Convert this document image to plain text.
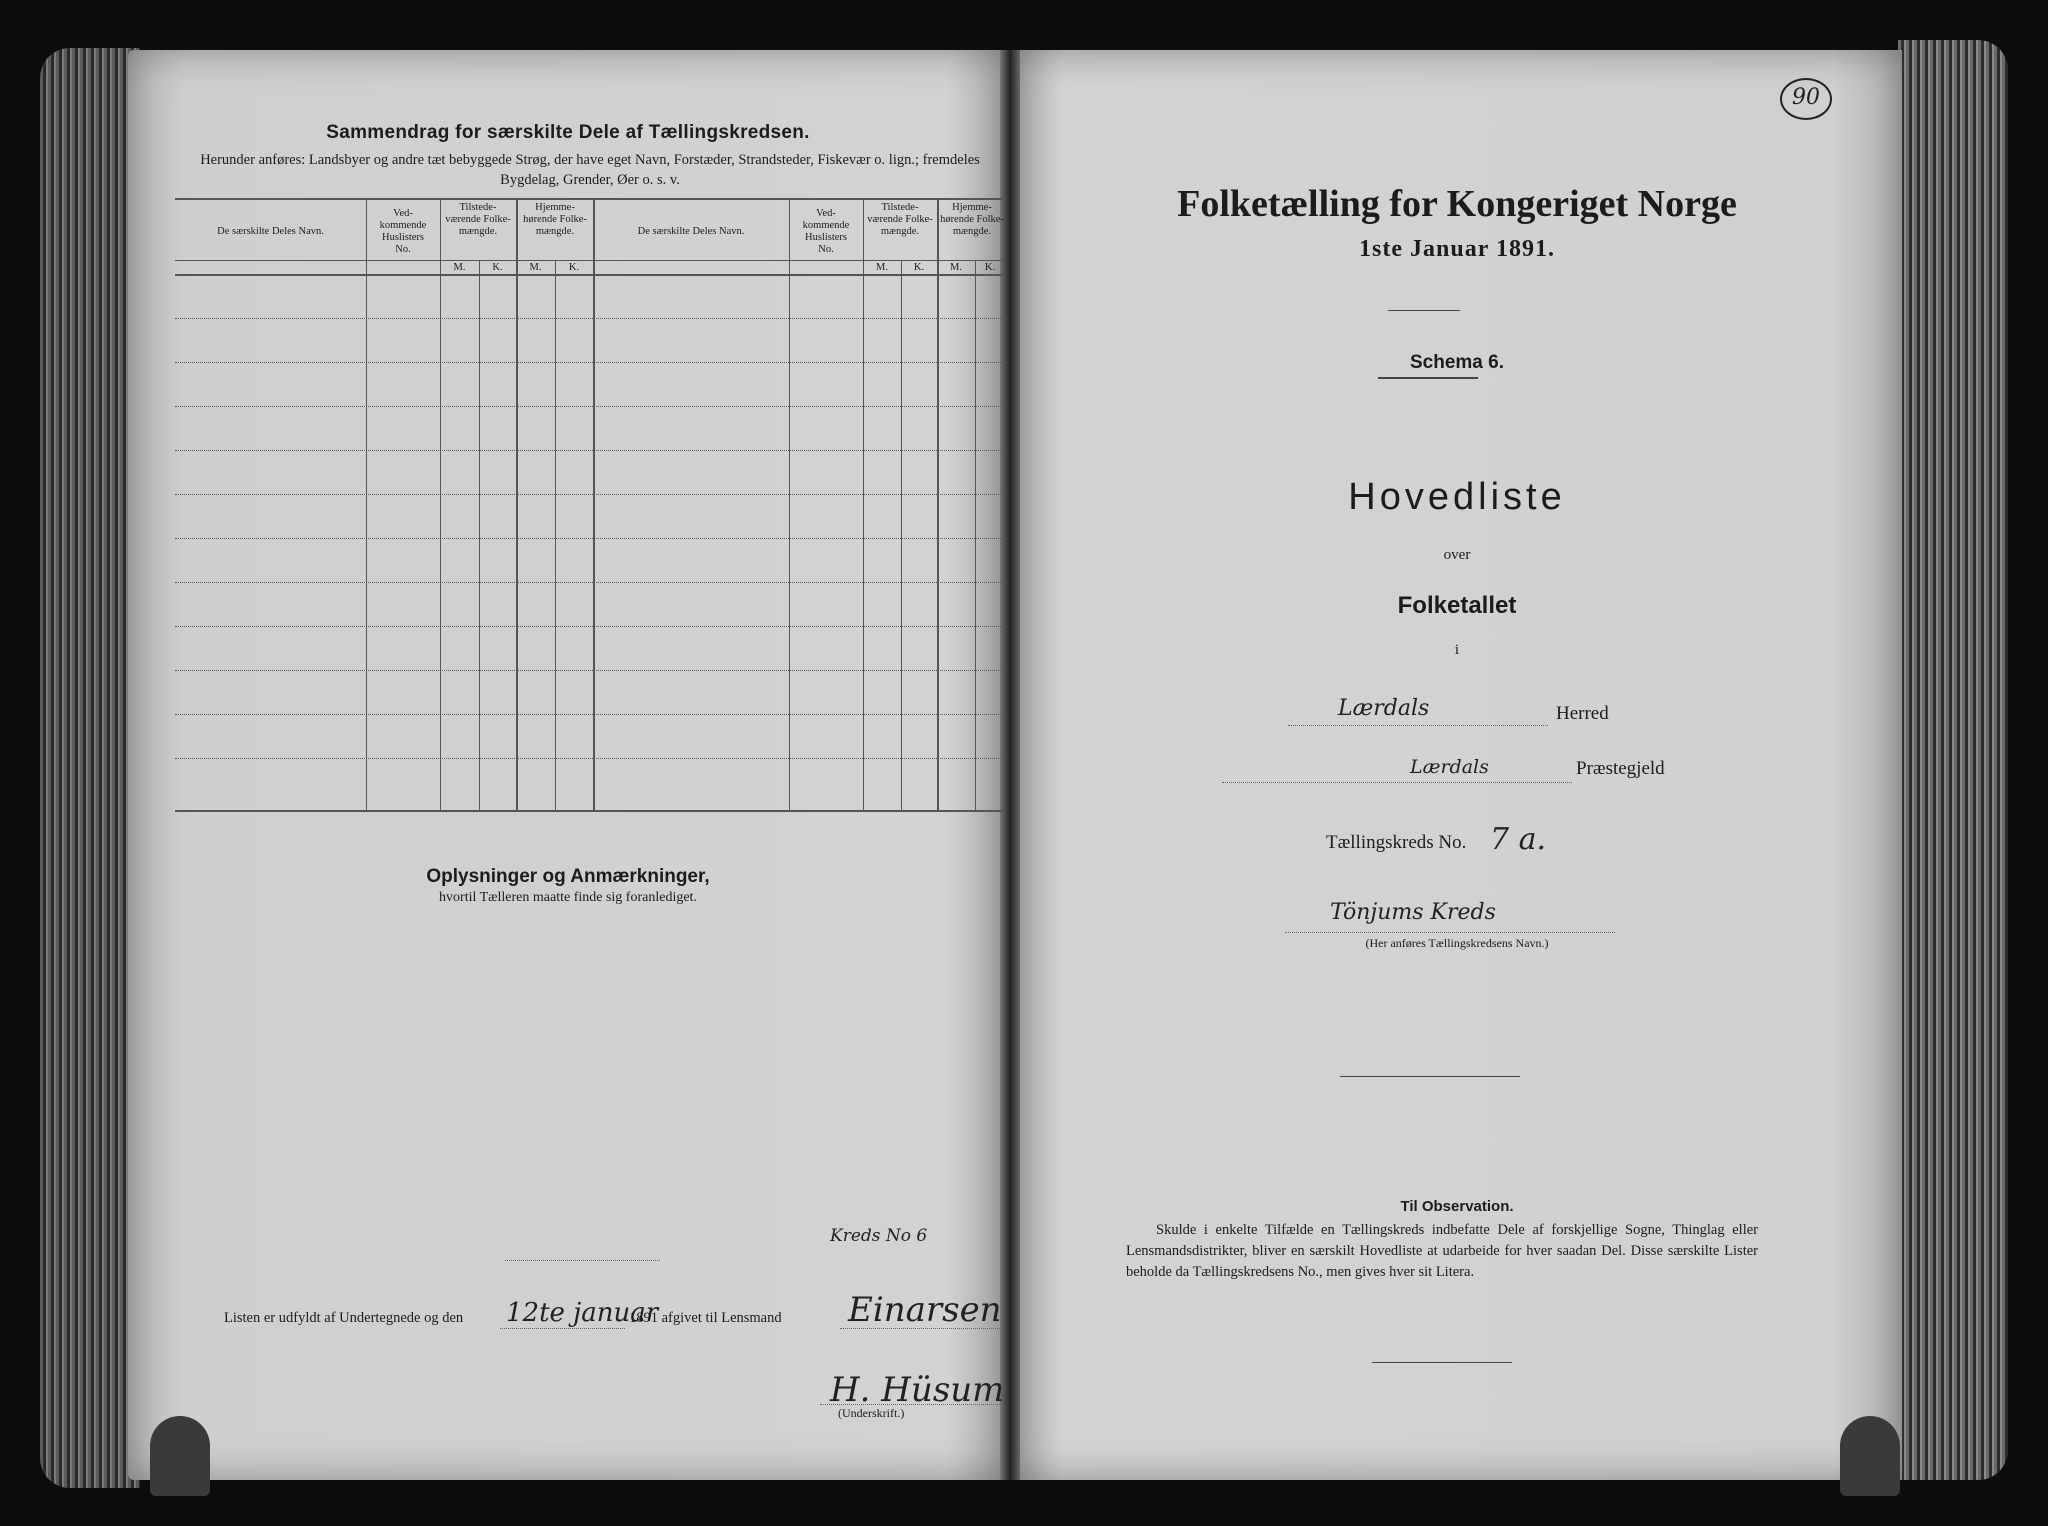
Sammendrag for særskilte Dele af Tællingskredsen.
Herunder anføres: Landsbyer og andre tæt bebyggede Strøg, der have eget Navn, Forstæder, Strandsteder, Fiskevær o. lign.; fremdeles Bygdelag, Grender, Øer o. s. v.
De særskilte Deles Navn.
Ved-kommende Huslisters No.
Tilstede-værende Folke-mængde.
Hjemme-hørende Folke-mængde.
M.	K.	M.	K.
De særskilte Deles Navn.
Ved-kommende Huslisters No.
Tilstede-værende Folke-mængde.
Hjemme-hørende Folke-mængde.
M.	K.	M.	K.
Oplysninger og Anmærkninger,
hvortil Tælleren maatte finde sig foranlediget.
Kreds No 6
Listen er udfyldt af Undertegnede og den 12te januar
1891 afgivet til Lensmand Einarsen
H. Hüsum
(Underskrift.)
90
Folketælling for Kongeriget Norge
1ste Januar 1891.
Schema 6.
Hovedliste
over
Folketallet
i
Lærdals	Herred
Lærdals	Præstegjeld
Tællingskreds No. 7 a.
Tönjums Kreds
(Her anføres Tællingskredsens Navn.)
Til Observation.
Skulde i enkelte Tilfælde en Tællingskreds indbefatte Dele af forskjellige Sogne, Thinglag eller Lensmandsdistrikter, bliver en særskilt Hovedliste at udarbeide for hver saadan Del. Disse særskilte Lister beholde da Tællingskredsens No., men gives hver sit Litera.
